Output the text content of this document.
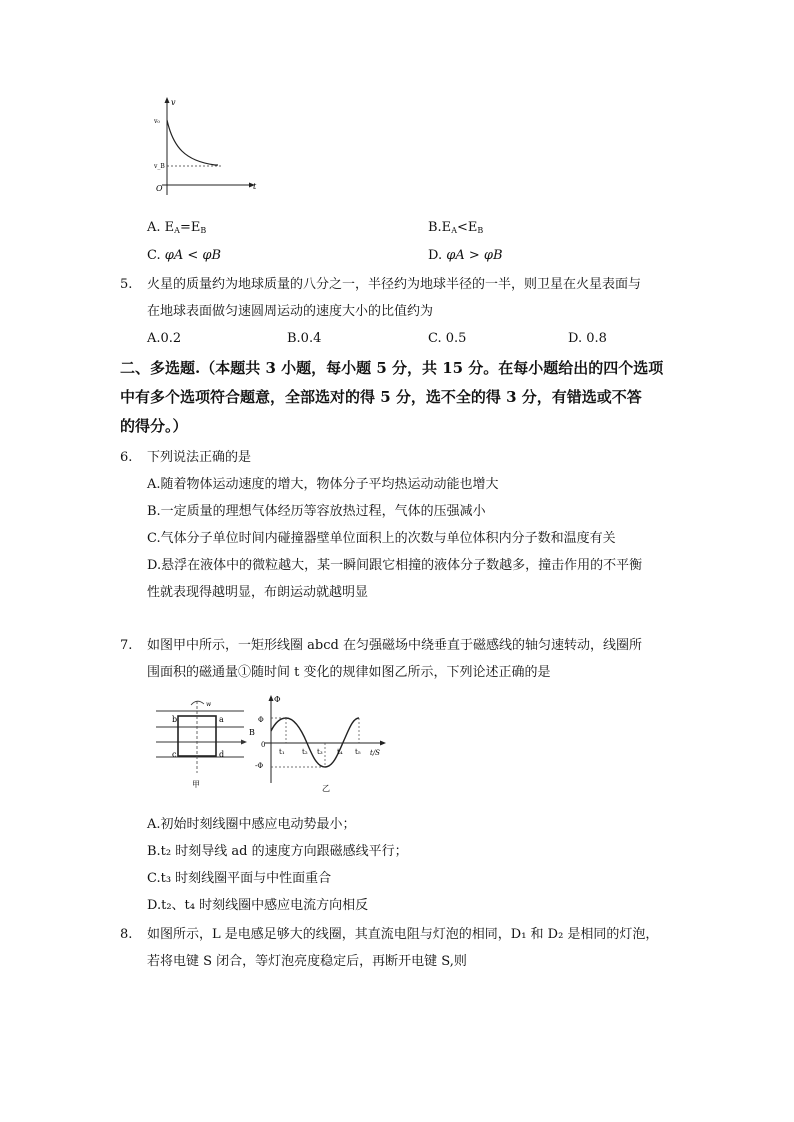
v
v₀
v_B
O	t
A. $E_A=E_B$	$B.E_A<E_B$
C. φA < φB	D. φA > φB
5. 火星的质量约为地球质量的八分之一，半径约为地球半径的一半，则卫星在火星表面与
在地球表面做匀速圆周运动的速度大小的比值约为
A.0.2	B.0.4	C. 0.5	D. 0.8
二、多选题.（本题共 3 小题，每小题 5 分，共 15 分。在每小题给出的四个选项
中有多个选项符合题意，全部选对的得 5 分，选不全的得 3 分，有错选或不答
的得分。）
6. 下列说法正确的是
A.随着物体运动速度的增大，物体分子平均热运动动能也增大
B.一定质量的理想气体经历等容放热过程，气体的压强减小
C.气体分子单位时间内碰撞器壁单位面积上的次数与单位体积内分子数和温度有关
D.悬浮在液体中的微粒越大，某一瞬间跟它相撞的液体分子数越多，撞击作用的不平衡
性就表现得越明显，布朗运动就越明显
7. 如图甲中所示，一矩形线圈 abcd 在匀强磁场中绕垂直于磁感线的轴匀速转动，线圈所
围面积的磁通量①随时间 t 变化的规律如图乙所示，下列论述正确的是
w
b	a
c	d
B
甲
Φ
Φ
-Φ
0
t/S
t₁ t₂ t₃ t₄ t₅
乙
A.初始时刻线圈中感应电动势最小；
B.t₂ 时刻导线 ad 的速度方向跟磁感线平行；
C.t₃ 时刻线圈平面与中性面重合
D.t₂、t₄ 时刻线圈中感应电流方向相反
8. 如图所示，L 是电感足够大的线圈，其直流电阻与灯泡的相同，D₁ 和 D₂ 是相同的灯泡，
若将电键 S 闭合，等灯泡亮度稳定后，再断开电键 S,则
